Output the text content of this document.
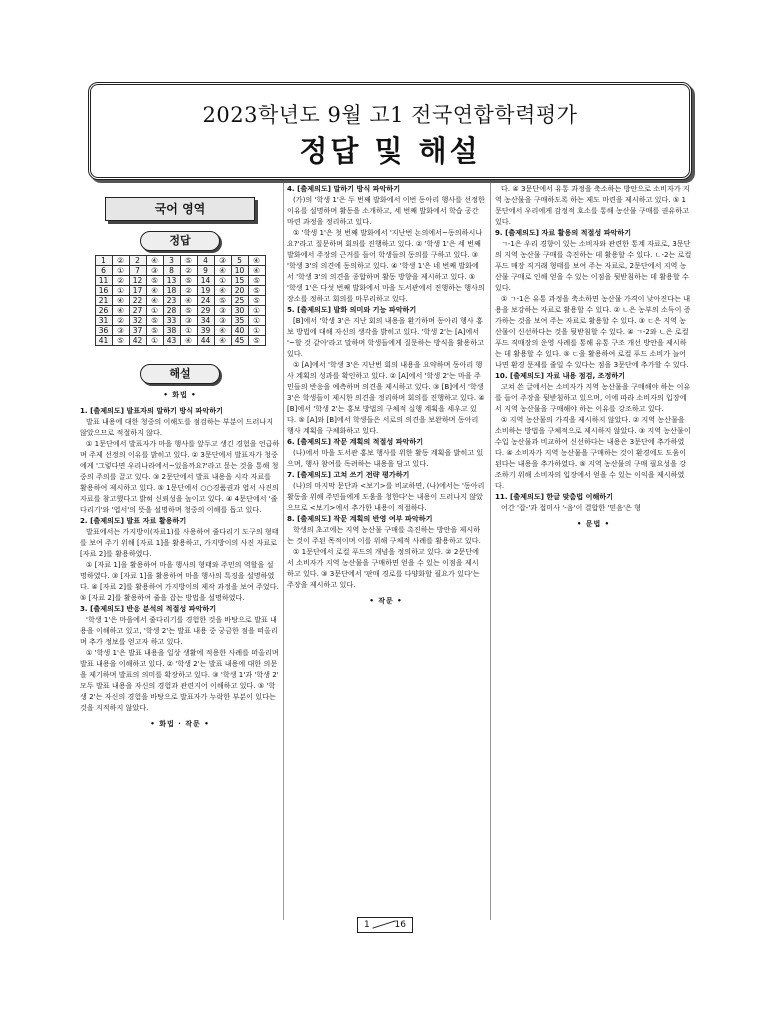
2023학년도 9월 고1 전국연합학력평가
정답 및 해설
국어 영역
정답
1	②	2	④	3	⑤	4	③	5	④
6	①	7	③	8	②	9	④	10	④
11	②	12	⑤	13	⑤	14	①	15	⑤
16	①	17	④	18	②	19	④	20	⑤
21	④	22	④	23	④	24	⑤	25	⑤
26	④	27	①	28	⑤	29	③	30	①
31	②	32	⑤	33	③	34	③	35	①
36	③	37	⑤	38	①	39	④	40	①
41	⑤	42	①	43	④	44	④	45	⑤
해설
• 화법 •

1. [출제의도] 발표자의 말하기 방식 파악하기

발표 내용에 대한 청중의 이해도를 점검하는 부분이 드러나지 않았으므로 적절하지 않다.

① 1문단에서 발표자가 마을 행사를 앞두고 생긴 경험을 언급하며 주제 선정의 이유를 밝히고 있다. ② 3문단에서 발표자가 청중에게 '그렇다면 우리나라에서~있을까요?'라고 묻는 것을 통해 청중의 주의를 끌고 있다. ③ 2문단에서 발표 내용을 시각 자료를 활용하여 제시하고 있다. ⑤ 1문단에서 ○○경품권과 엽서 사진의 자료를 참고했다고 밝혀 신뢰성을 높이고 있다. ④ 4문단에서 '줄다리기'와 '엽서'의 뜻을 설명하며 청중의 이해를 돕고 있다.

2. [출제의도] 발표 자료 활용하기

발표에서는 가지방이(자료1)를 사용하여 줄다리기 도구의 형태를 보여 주기 위해 [자료 1]을 활용하고, 가지방이의 사진 자료로 [자료 2]를 활용하였다.

① [자료 1]을 활용하여 마을 행사의 형태와 주민의 역할을 설명하였다. ③ [자료 1]을 활용하여 마을 행사의 특징을 설명하였다. ④ [자료 2]를 활용하여 가지방이의 제작 과정을 보여 주었다. ⑤ [자료 2]를 활용하여 줄을 잡는 방법을 설명하였다.

3. [출제의도] 반응 분석의 적절성 파악하기

'학생 1'은 마을에서 줄다리기를 경험한 것을 바탕으로 발표 내용을 이해하고 있고, '학생 2'는 발표 내용 중 궁금한 점을 떠올리며 추가 정보를 얻고자 하고 있다.

① '학생 1'은 발표 내용을 일상 생활에 적용한 사례를 떠올리며 발표 내용을 이해하고 있다. ② '학생 2'는 발표 내용에 대한 의문을 제기하며 발표의 의미를 확장하고 있다. ③ '학생 1'과 '학생 2' 모두 발표 내용을 자신의 경험과 관련지어 이해하고 있다. ⑤ '학생 2'는 자신의 경험을 바탕으로 발표자가 누락한 부분이 있다는 것을 지적하지 않았다.

• 화법 · 작문 •

4. [출제의도] 말하기 방식 파악하기

(가)의 '학생 1'은 두 번째 발화에서 이번 동아리 행사를 선정한 이유를 설명하며 활동을 소개하고, 세 번째 발화에서 학습 공간 마련 과정을 정리하고 있다.

① '학생 1'은 첫 번째 발화에서 '지난번 논의에서~동의하시나요?'라고 질문하며 회의를 진행하고 있다. ② '학생 1'은 세 번째 발화에서 주장의 근거를 들어 학생들의 동의를 구하고 있다. ③ '학생 3'의 의견에 동의하고 있다. ④ '학생 1'은 네 번째 발화에서 '학생 3'의 의견을 종합하며 활동 방향을 제시하고 있다. ⑤ '학생 1'은 다섯 번째 발화에서 마을 도서관에서 진행하는 행사의 장소를 정하고 회의를 마무리하고 있다.

5. [출제의도] 발화 의미와 기능 파악하기

[B]에서 '학생 3'은 지난 회의 내용을 환기하며 동아리 행사 홍보 방법에 대해 자신의 생각을 밝히고 있다. '학생 2'는 [A]에서 '~할 것 같아'라고 말하며 학생들에게 질문하는 방식을 활용하고 있다.

① [A]에서 '학생 3'은 지난번 회의 내용을 요약하며 동아리 행사 계획의 성과를 확인하고 있다. ② [A]에서 '학생 2'는 마을 주민들의 반응을 예측하며 의견을 제시하고 있다. ③ [B]에서 '학생 3'은 학생들이 제시한 의견을 정리하며 회의를 진행하고 있다. ④ [B]에서 '학생 2'는 홍보 방법의 구체적 실행 계획을 세우고 있다. ⑤ [A]와 [B]에서 학생들은 서로의 의견을 보완하며 동아리 행사 계획을 구체화하고 있다.

6. [출제의도] 작문 계획의 적절성 파악하기

(나)에서 마을 도서관 홍보 행사를 위한 활동 계획을 밝히고 있으며, 행사 참여를 독려하는 내용을 담고 있다.

7. [출제의도] 고쳐 쓰기 전략 평가하기

(나)의 마지막 문단과 <보기>를 비교하면, (나)에서는 '동아리 활동을 위해 주민들에게 도움을 청한다'는 내용이 드러나지 않았으므로 <보기>에서 추가한 내용이 적절하다.

8. [출제의도] 작문 계획의 반영 여부 파악하기

학생의 초고에는 지역 농산물 구매를 촉진하는 방안을 제시하는 것이 주된 목적이며 이를 위해 구체적 사례를 활용하고 있다.

① 1문단에서 로컬 푸드의 개념을 정의하고 있다. ② 2문단에서 소비자가 지역 농산물을 구매하면 얻을 수 있는 이점을 제시하고 있다. ③ 3문단에서 '판매 경로를 다양화할 필요가 있다'는 주장을 제시하고 있다.

• 작문 •

다. ④ 3문단에서 유통 과정을 축소하는 방안으로 소비자가 지역 농산물을 구매하도록 하는 제도 마련을 제시하고 있다. ⑤ 1문단에서 우리에게 감정적 호소를 통해 농산물 구매를 권유하고 있다.

9. [출제의도] 자료 활용의 적절성 파악하기

ㄱ-1은 우리 경향이 있는 소비자와 관련한 통계 자료로, 3문단의 지역 농산물 구매를 촉진하는 데 활용할 수 있다. ㄴ-2는 로컬 푸드 매장 직거래 형태를 보여 주는 자료로, 2문단에서 지역 농산물 구매로 인해 얻을 수 있는 이점을 뒷받침하는 데 활용할 수 있다.

① ㄱ-1은 유통 과정을 축소하면 농산물 가격이 낮아진다는 내용을 보강하는 자료로 활용할 수 있다. ② ㄴ은 농부의 소득이 증가하는 것을 보여 주는 자료로 활용할 수 있다. ③ ㄷ은 지역 농산물이 신선하다는 것을 뒷받침할 수 있다. ④ ㄱ-2와 ㄴ은 로컬 푸드 직매장의 운영 사례를 통해 유통 구조 개선 방안을 제시하는 데 활용할 수 있다. ⑤ ㄷ을 활용하여 로컬 푸드 소비가 늘어나면 환경 문제를 줄일 수 있다는 점을 3문단에 추가할 수 있다.

10. [출제의도] 자료 내용 점검, 조정하기

고쳐 쓴 글에서는 소비자가 지역 농산물을 구매해야 하는 이유를 들어 주장을 뒷받침하고 있으며, 이에 따라 소비자의 입장에서 지역 농산물을 구매해야 하는 이유를 강조하고 있다.

① 지역 농산물의 가격을 제시하지 않았다. ② 지역 농산물을 소비하는 방법을 구체적으로 제시하지 않았다. ③ 지역 농산물이 수입 농산물과 비교하여 신선하다는 내용은 3문단에 추가하였다. ④ 소비자가 지역 농산물을 구매하는 것이 환경에도 도움이 된다는 내용을 추가하였다. ⑤ 지역 농산물의 구매 필요성을 강조하기 위해 소비자의 입장에서 얻을 수 있는 이익을 제시하였다.

11. [출제의도] 한글 맞춤법 이해하기

어간 '잡-'과 접미사 '-음'이 결합한 '믿음'은 형

• 문법 •
1	16
